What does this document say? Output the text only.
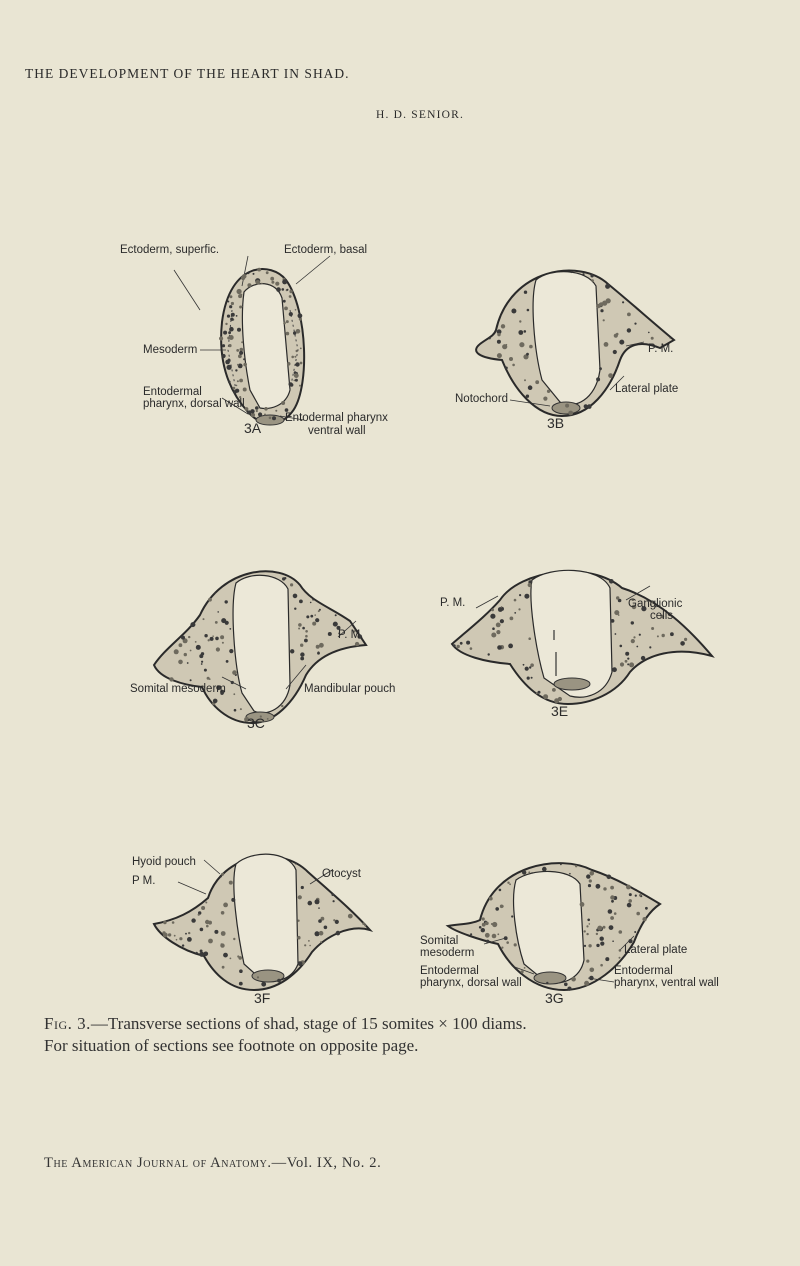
THE DEVELOPMENT OF THE HEART IN SHAD.
H. D. SENIOR.
Ectoderm, superfic.	Ectoderm, basal
Mesoderm
Entodermal
pharynx, dorsal wall
Entodermal pharynx
ventral wall
3A
P. M.
Notochord
Lateral plate
3B
P. M.
Somital mesoderm	Mandibular pouch
3C
P. M.	Ganglionic
cells
3E
Hyoid pouch
P M.
Otocyst
3F
Somital
mesoderm	Lateral plate
Entodermal
pharynx, dorsal wall
Entodermal
pharynx, ventral wall
3G
Fig. 3.—Transverse sections of shad, stage of 15 somites × 100 diams.
For situation of sections see footnote on opposite page.
The American Journal of Anatomy.—Vol. IX, No. 2.
